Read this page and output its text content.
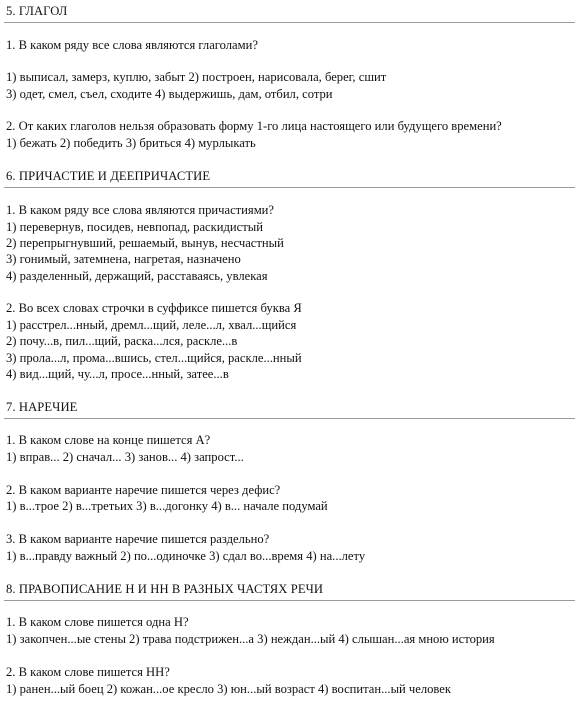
5. ГЛАГОЛ
1. В каком ряду все слова являются глаголами?
1) выписал, замерз, куплю, забыт 2) построен, нарисовала, берег, сшит
3) одет, смел, съел, сходите 4) выдержишь, дам, отбил, сотри
2. От каких глаголов нельзя образовать форму 1-го лица настоящего или будущего времени?
1) бежать 2) победить 3) бриться 4) мурлыкать
6. ПРИЧАСТИЕ И ДЕЕПРИЧАСТИЕ
1. В каком ряду все слова являются причастиями?
1) перевернув, посидев, невпопад, раскидистый
2) перепрыгнувший, решаемый, вынув, несчастный
3) гонимый, затемнена, нагретая, назначено
4) разделенный, держащий, расставаясь, увлекая
2. Во всех словах строчки в суффиксе пишется буква Я
1) расстрел...нный, дремл...щий, леле...л, хвал...щийся
2) почу...в, пил...щий, раска...лся, раскле...в
3) прола...л, прома...вшись, стел...щийся, раскле...нный
4) вид...щий, чу...л, просе...нный, затее...в
7. НАРЕЧИЕ
1. В каком слове на конце пишется А?
1) вправ... 2) сначал... 3) занов... 4) запрост...
2. В каком варианте наречие пишется через дефис?
1) в...трое 2) в...третьих 3) в...догонку 4) в... начале подумай
3. В каком варианте наречие пишется раздельно?
1) в...правду важный 2) по...одиночке 3) сдал во...время 4) на...лету
8. ПРАВОПИСАНИЕ Н И НН В РАЗНЫХ ЧАСТЯХ РЕЧИ
1. В каком слове пишется одна Н?
1) закопчен...ые стены 2) трава подстрижен...а 3) неждан...ый 4) слышан...ая мною история
2. В каком слове пишется НН?
1) ранен...ый боец 2) кожан...ое кресло 3) юн...ый возраст 4) воспитан...ый человек
